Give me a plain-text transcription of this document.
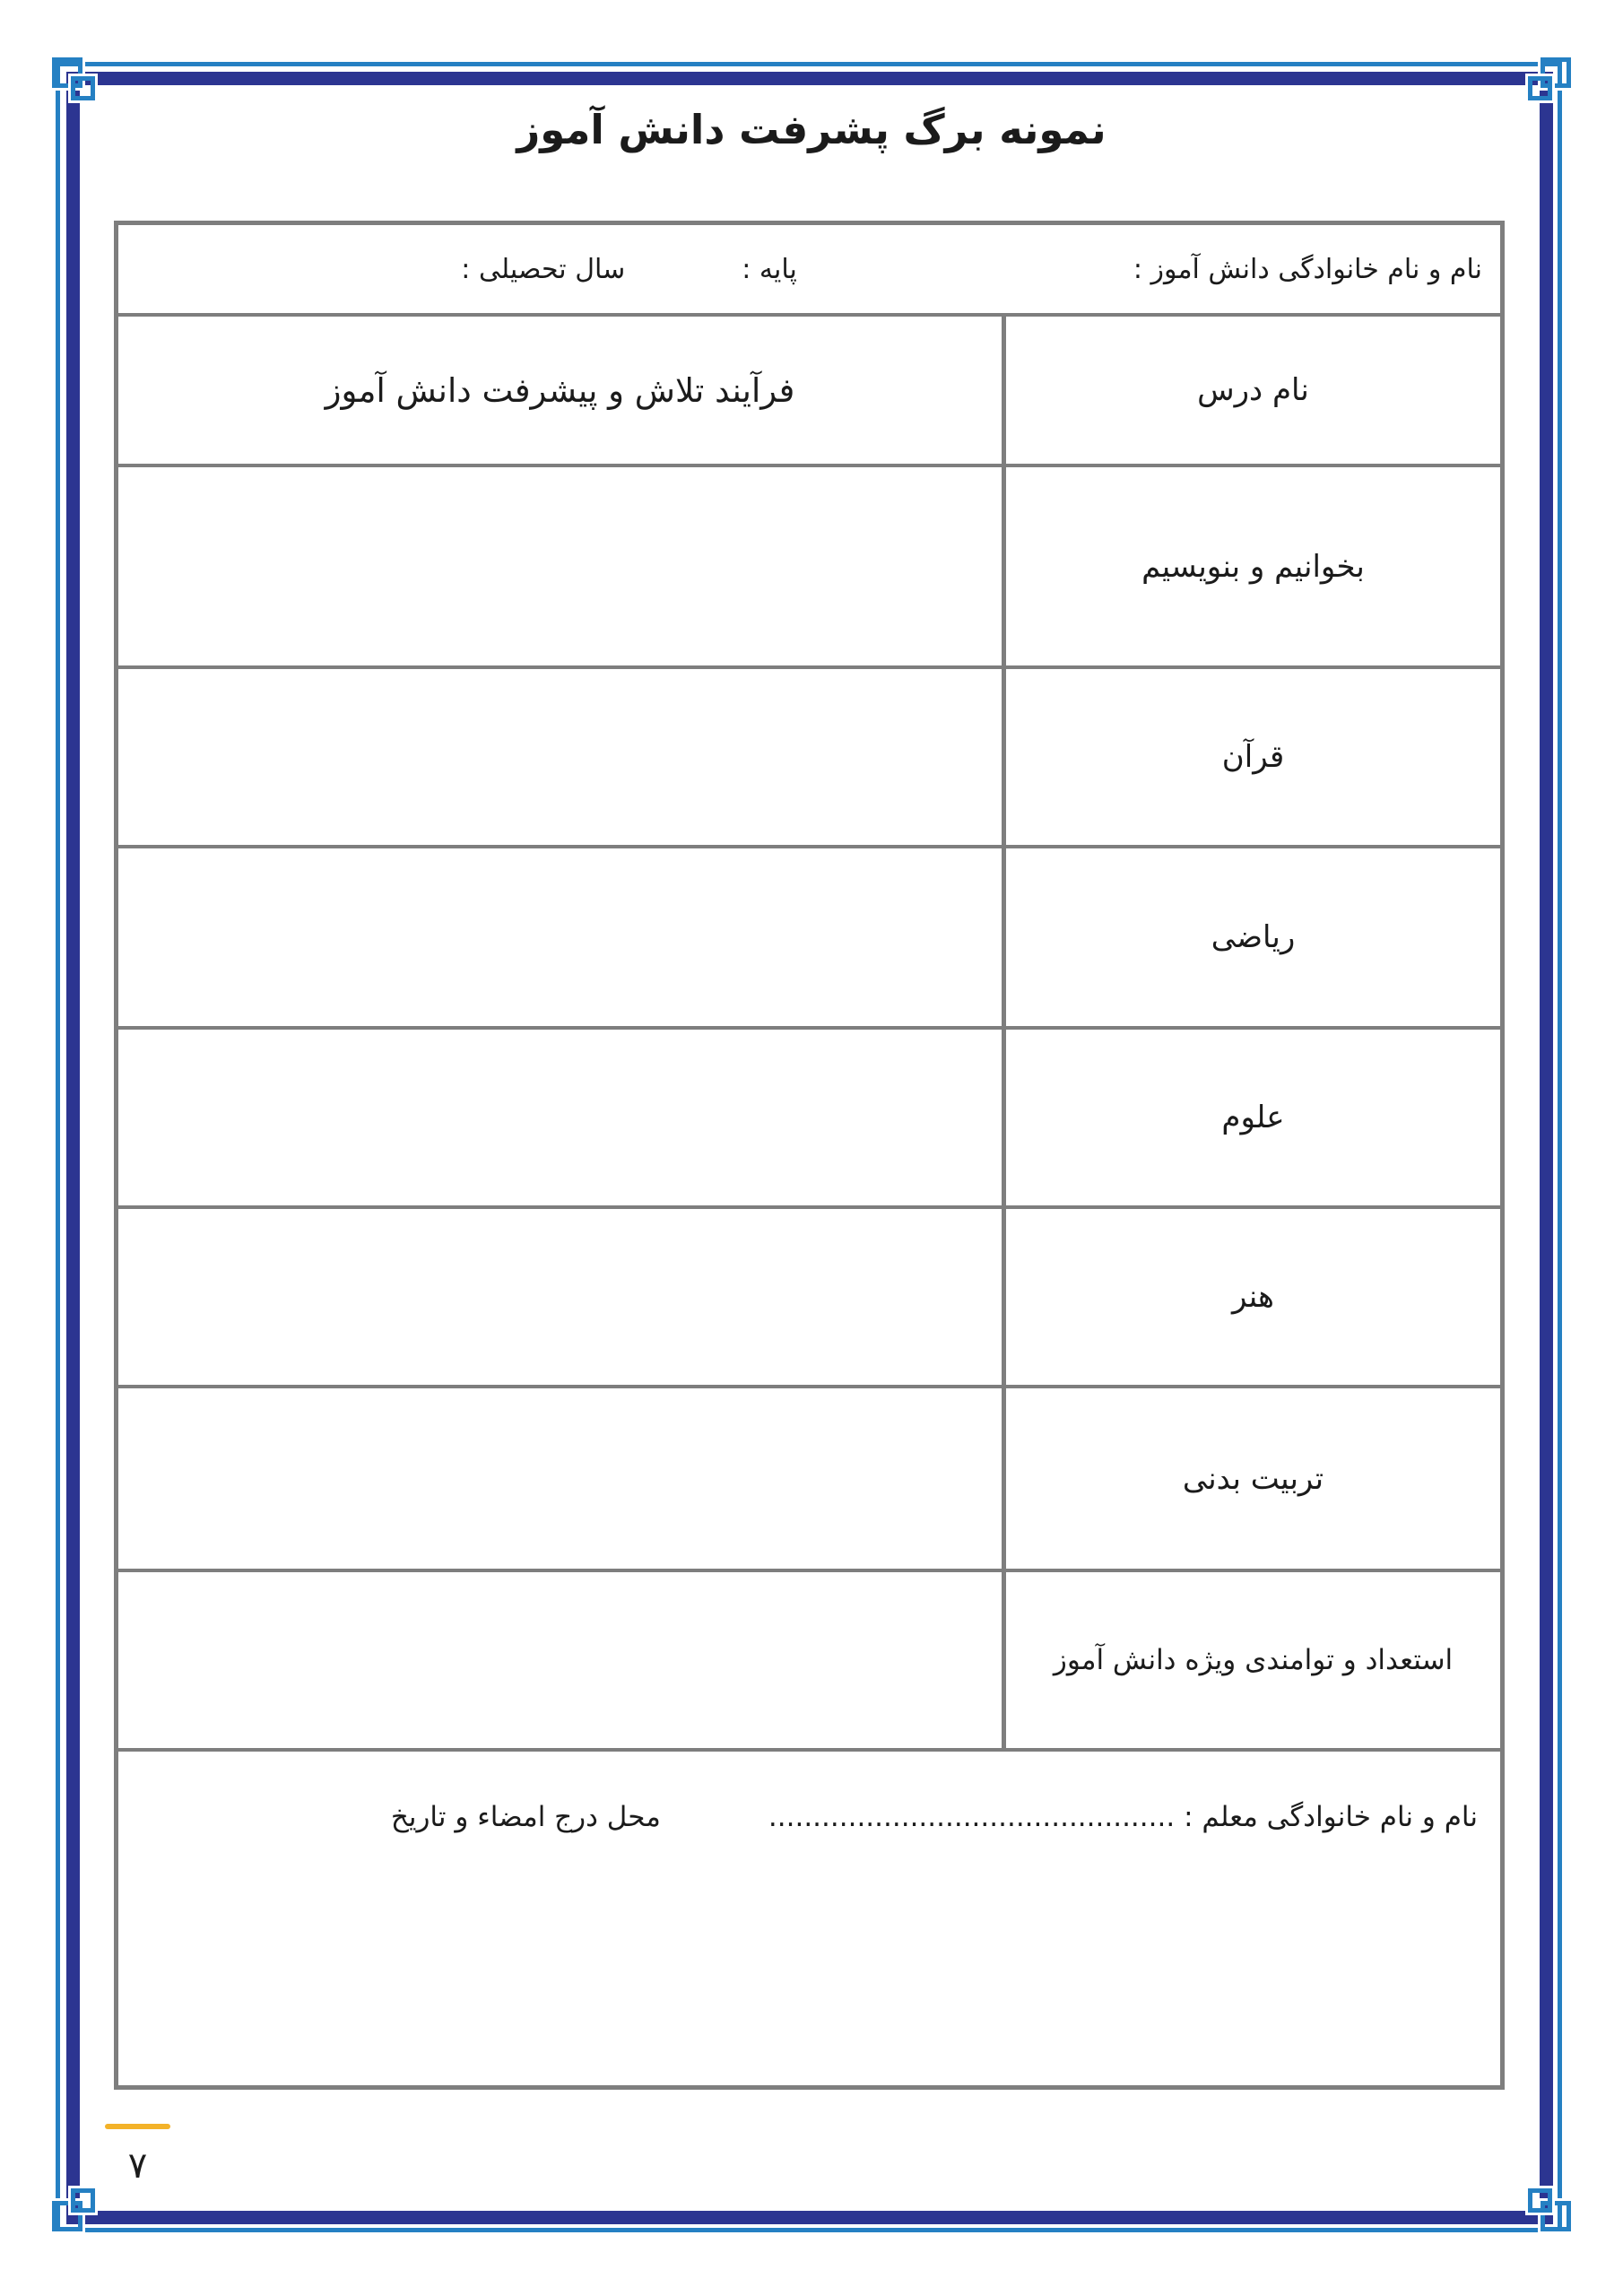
نمونه برگ پشرفت دانش آموز
نام و نام خانوادگی دانش آموز :
پایه :
سال تحصیلی :
نام درس
فرآیند تلاش و پیشرفت دانش آموز
بخوانیم و بنویسیم
قرآن
ریاضی
علوم
هنر
تربیت بدنی
استعداد و توامندی ویژه دانش آموز
نام و نام خانوادگی معلم : ..............................................
محل درج امضاء و تاریخ
۷
